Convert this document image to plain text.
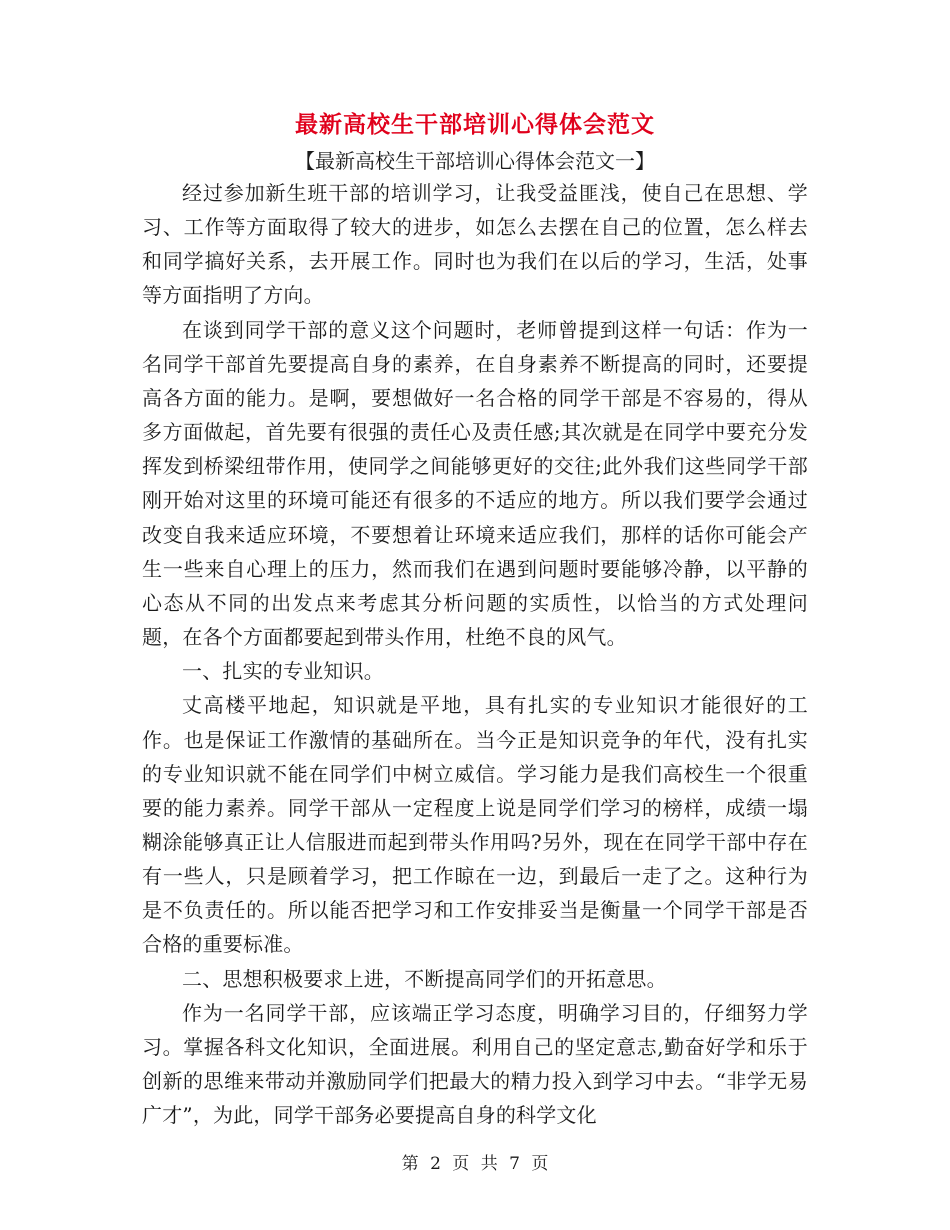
最新高校生干部培训心得体会范文
【最新高校生干部培训心得体会范文一】

经过参加新生班干部的培训学习，让我受益匪浅，使自己在思想、学习、工作等方面取得了较大的进步，如怎么去摆在自己的位置，怎么样去和同学搞好关系，去开展工作。同时也为我们在以后的学习，生活，处事等方面指明了方向。

在谈到同学干部的意义这个问题时，老师曾提到这样一句话：作为一名同学干部首先要提高自身的素养，在自身素养不断提高的同时，还要提高各方面的能力。是啊，要想做好一名合格的同学干部是不容易的，得从多方面做起，首先要有很强的责任心及责任感;其次就是在同学中要充分发挥发到桥梁纽带作用，使同学之间能够更好的交往;此外我们这些同学干部刚开始对这里的环境可能还有很多的不适应的地方。所以我们要学会通过改变自我来适应环境，不要想着让环境来适应我们，那样的话你可能会产生一些来自心理上的压力，然而我们在遇到问题时要能够冷静，以平静的心态从不同的出发点来考虑其分析问题的实质性，以恰当的方式处理问题，在各个方面都要起到带头作用，杜绝不良的风气。

一、扎实的专业知识。

丈高楼平地起，知识就是平地，具有扎实的专业知识才能很好的工作。也是保证工作激情的基础所在。当今正是知识竞争的年代，没有扎实的专业知识就不能在同学们中树立威信。学习能力是我们高校生一个很重要的能力素养。同学干部从一定程度上说是同学们学习的榜样，成绩一塌糊涂能够真正让人信服进而起到带头作用吗?另外，现在在同学干部中存在有一些人，只是顾着学习，把工作晾在一边，到最后一走了之。这种行为是不负责任的。所以能否把学习和工作安排妥当是衡量一个同学干部是否合格的重要标准。

二、思想积极要求上进，不断提高同学们的开拓意思。

作为一名同学干部，应该端正学习态度，明确学习目的，仔细努力学习。掌握各科文化知识，全面进展。利用自己的坚定意志,勤奋好学和乐于创新的思维来带动并激励同学们把最大的精力投入到学习中去。“非学无易广才”，为此，同学干部务必要提高自身的科学文化

第 2 页 共 7 页
